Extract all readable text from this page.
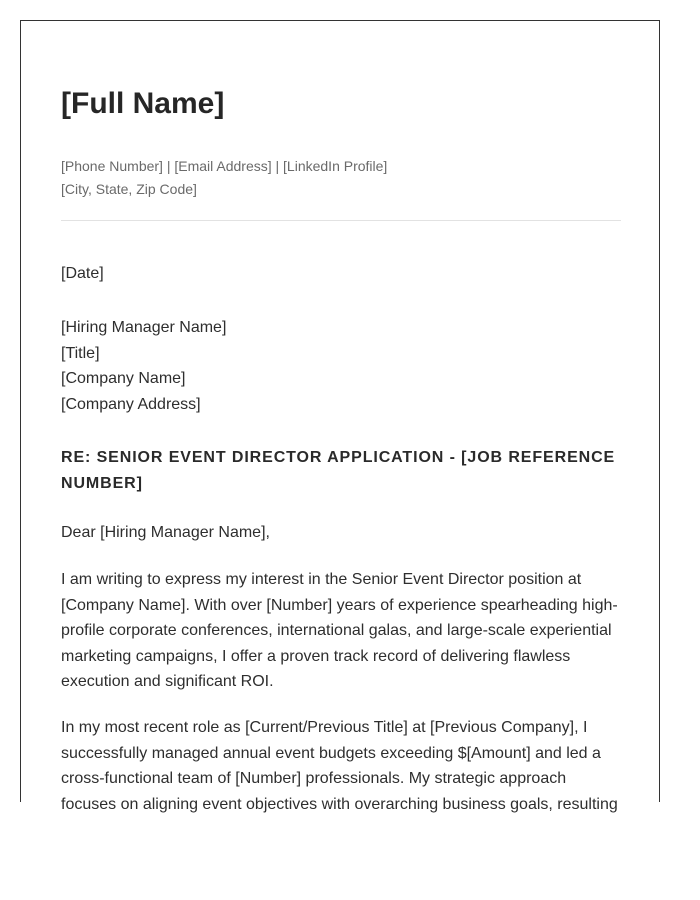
[Full Name]
[Phone Number] | [Email Address] | [LinkedIn Profile]
[City, State, Zip Code]
[Date]
[Hiring Manager Name]
[Title]
[Company Name]
[Company Address]
RE: SENIOR EVENT DIRECTOR APPLICATION - [JOB REFERENCE
NUMBER]
Dear [Hiring Manager Name],
I am writing to express my interest in the Senior Event Director position at
[Company Name]. With over [Number] years of experience spearheading high-
profile corporate conferences, international galas, and large-scale experiential
marketing campaigns, I offer a proven track record of delivering flawless
execution and significant ROI.
In my most recent role as [Current/Previous Title] at [Previous Company], I
successfully managed annual event budgets exceeding $[Amount] and led a
cross-functional team of [Number] professionals. My strategic approach
focuses on aligning event objectives with overarching business goals, resulting
